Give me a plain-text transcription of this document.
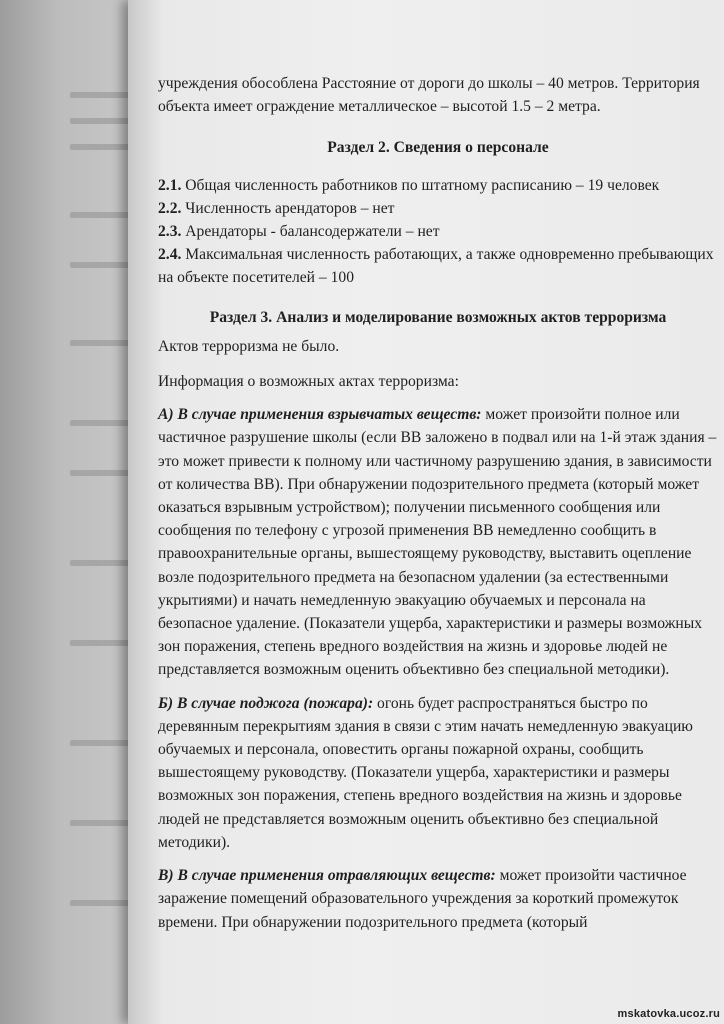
учреждения обособлена Расстояние от дороги до школы – 40 метров. Территория объекта имеет ограждение металлическое – высотой 1.5 – 2 метра.

Раздел 2. Сведения о персонале

2.1. Общая численность работников по штатному расписанию – 19 человек

2.2. Численность арендаторов – нет

2.3. Арендаторы - балансодержатели – нет

2.4. Максимальная численность работающих, а также одновременно пребывающих на объекте посетителей – 100

Раздел 3. Анализ и моделирование возможных актов терроризма

Актов терроризма не было.

Информация о возможных актах терроризма:

А) В случае применения взрывчатых веществ: может произойти полное или частичное разрушение школы (если ВВ заложено в подвал или на 1-й этаж здания – это может привести к полному или частичному разрушению здания, в зависимости от количества ВВ). При обнаружении подозрительного предмета (который может оказаться взрывным устройством); получении письменного сообщения или сообщения по телефону с угрозой применения ВВ немедленно сообщить в правоохранительные органы, вышестоящему руководству, выставить оцепление возле подозрительного предмета на безопасном удалении (за естественными укрытиями) и начать немедленную эвакуацию обучаемых и персонала на безопасное удаление. (Показатели ущерба, характеристики и размеры возможных зон поражения, степень вредного воздействия на жизнь и здоровье людей не представляется возможным оценить объективно без специальной методики).

Б) В случае поджога (пожара): огонь будет распространяться быстро по деревянным перекрытиям здания в связи с этим начать немедленную эвакуацию обучаемых и персонала, оповестить органы пожарной охраны, сообщить вышестоящему руководству. (Показатели ущерба, характеристики и размеры возможных зон поражения, степень вредного воздействия на жизнь и здоровье людей не представляется возможным оценить объективно без специальной методики).

В) В случае применения отравляющих веществ: может произойти частичное заражение помещений образовательного учреждения за короткий промежуток времени. При обнаружении подозрительного предмета (который

mskatovka.ucoz.ru
